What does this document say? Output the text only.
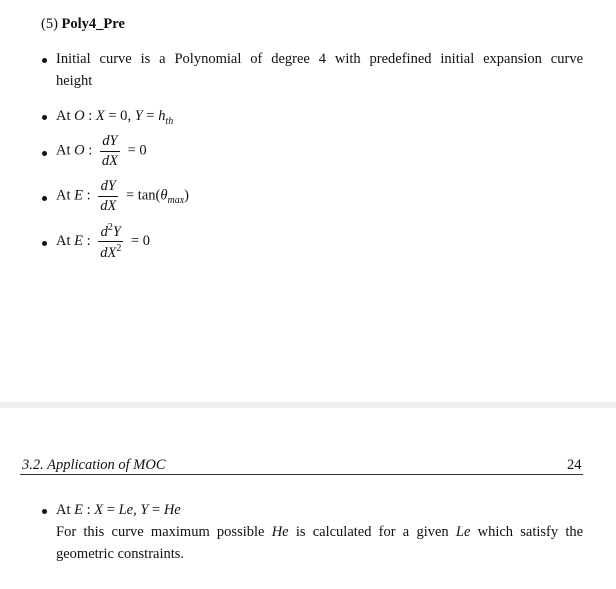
(5) Poly4_Pre
Initial curve is a Polynomial of degree 4 with predefined initial expansion curve
height
At O : X = 0, $Y = h_{th}$
At O : $\frac{dY}{dX} = 0$
At E : $\frac{dY}{dX} = \tan(\theta_{max})$
At E : $\frac{d^2Y}{dX^2} = 0$
3.2. Application of MOC	24
At E : X = Le, Y = He
For this curve maximum possible He is calculated for a given Le which satisfy the
geometric constraints.
